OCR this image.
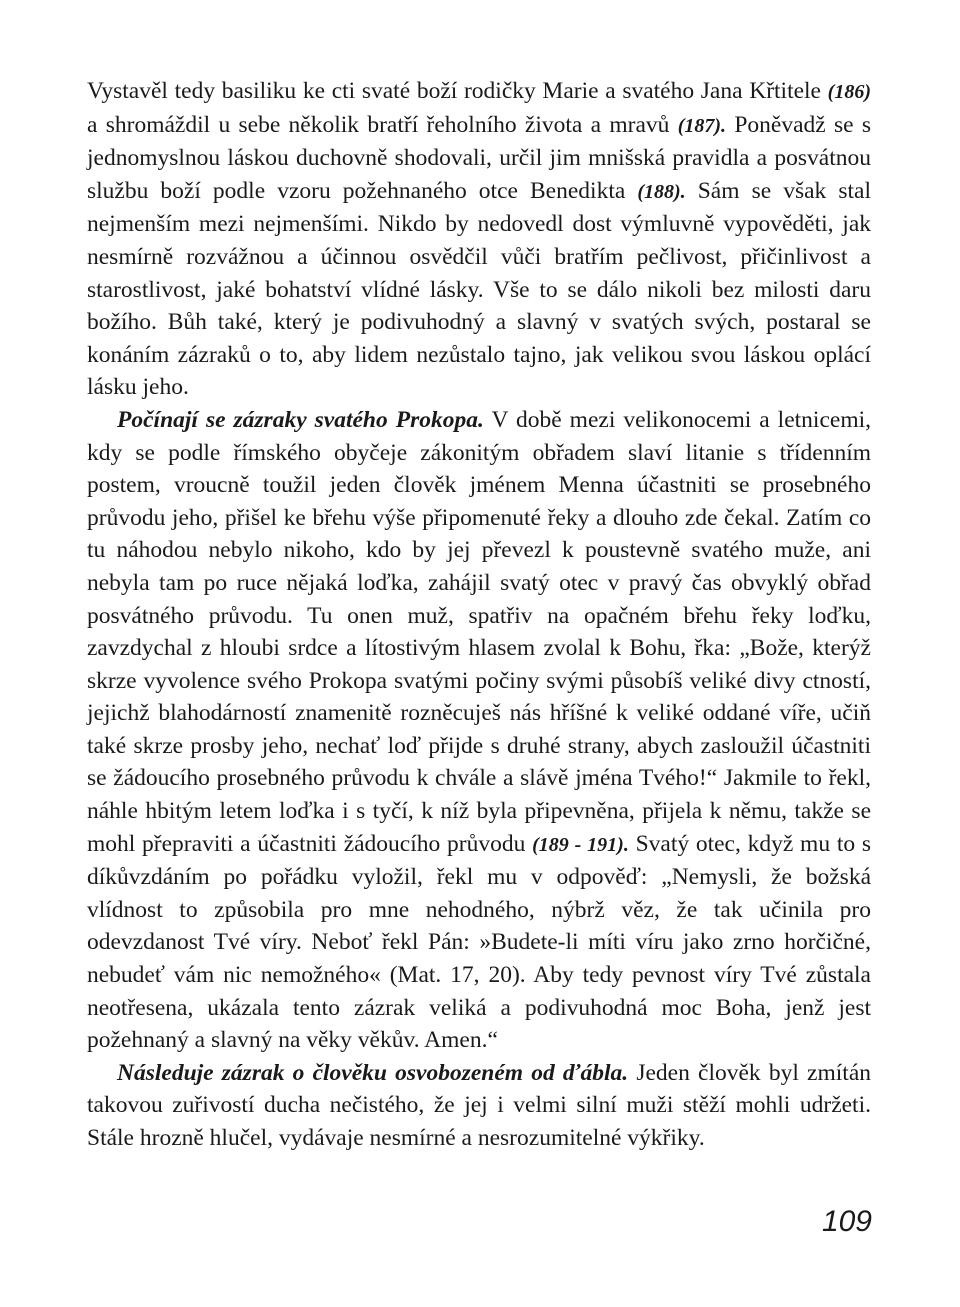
Vystavěl tedy basiliku ke cti svaté boží rodičky Marie a svatého Jana Křtitele (186) a shromáždil u sebe několik bratří řeholního života a mravů (187). Poněvadž se s jednomyslnou láskou duchovně shodovali, určil jim mnišská pravidla a posvátnou službu boží podle vzoru požehnaného otce Benedikta (188). Sám se však stal nejmenším mezi nejmenšími. Nikdo by nedovedl dost výmluvně vypověděti, jak nesmírně rozvážnou a účinnou osvědčil vůči bratřím pečlivost, přičinlivost a starostlivost, jaké bohatství vlídné lásky. Vše to se dálo nikoli bez milosti daru božího. Bůh také, který je podivuhodný a slavný v svatých svých, postaral se konáním zázraků o to, aby lidem nezůstalo tajno, jak velikou svou láskou oplácí lásku jeho.

Počínají se zázraky svatého Prokopa. V době mezi velikonocemi a letnicemi, kdy se podle římského obyčeje zákonitým obřadem slaví litanie s třídenním postem, vroucně toužil jeden člověk jménem Menna účastniti se prosebného průvodu jeho, přišel ke břehu výše připomenuté řeky a dlouho zde čekal. Zatím co tu náhodou nebylo nikoho, kdo by jej převezl k poustevně svatého muže, ani nebyla tam po ruce nějaká loďka, zahájil svatý otec v pravý čas obvyklý obřad posvátného průvodu. Tu onen muž, spatřiv na opačném břehu řeky loďku, zavzdychal z hloubi srdce a lítostivým hlasem zvolal k Bohu, řka: „Bože, kterýž skrze vyvolence svého Prokopa svatými počiny svými působíš veliké divy ctností, jejichž blahodárností znamenitě rozněcuješ nás hříšné k veliké oddané víře, učiň také skrze prosby jeho, nechať loď přijde s druhé strany, abych zasloužil účastniti se žádoucího prosebného průvodu k chvále a slávě jména Tvého!“ Jakmile to řekl, náhle hbitým letem loďka i s tyčí, k níž byla připevněna, přijela k němu, takže se mohl přepraviti a účastniti žádoucího průvodu (189 - 191). Svatý otec, když mu to s díkůvzdáním po pořádku vyložil, řekl mu v odpověď: „Nemysli, že božská vlídnost to způsobila pro mne nehodného, nýbrž věz, že tak učinila pro odevzdanost Tvé víry. Neboť řekl Pán: »Budete-li míti víru jako zrno horčičné, nebudeť vám nic nemožného« (Mat. 17, 20). Aby tedy pevnost víry Tvé zůstala neotřesena, ukázala tento zázrak veliká a podivuhodná moc Boha, jenž jest požehnaný a slavný na věky věkův. Amen.“

Následuje zázrak o člověku osvobozeném od ďábla. Jeden člověk byl zmítán takovou zuřivostí ducha nečistého, že jej i velmi silní muži stěží mohli udržeti. Stále hrozně hlučel, vydávaje nesmírné a nesrozumitelné výkřiky.

109
